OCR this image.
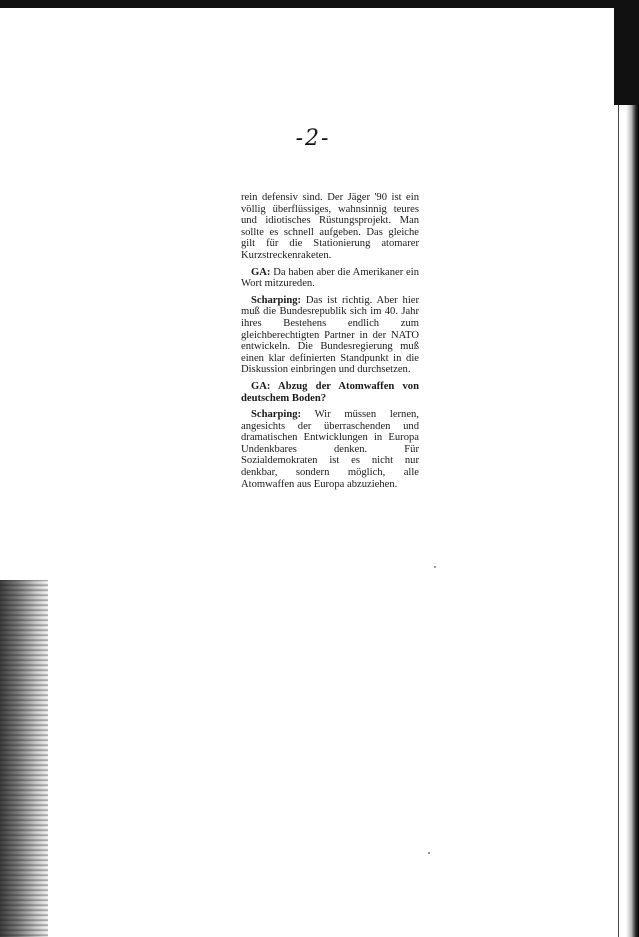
-2-

rein defensiv sind. Der Jäger '90 ist ein völlig überflüssiges, wahnsinnig teures und idiotisches Rüstungsprojekt. Man sollte es schnell aufgeben. Das gleiche gilt für die Stationierung atomarer Kurzstreckenraketen.

GA: Da haben aber die Amerikaner ein Wort mitzureden.

Scharping: Das ist richtig. Aber hier muß die Bundesrepublik sich im 40. Jahr ihres Bestehens endlich zum gleichberechtigten Partner in der NATO entwickeln. Die Bundesregierung muß einen klar definierten Standpunkt in die Diskussion einbringen und durchsetzen.

GA: Abzug der Atomwaffen von deutschem Boden?

Scharping: Wir müssen lernen, angesichts der überraschenden und dramatischen Entwicklungen in Europa Undenkbares denken. Für Sozialdemokraten ist es nicht nur denkbar, sondern möglich, alle Atomwaffen aus Europa abzuziehen.
